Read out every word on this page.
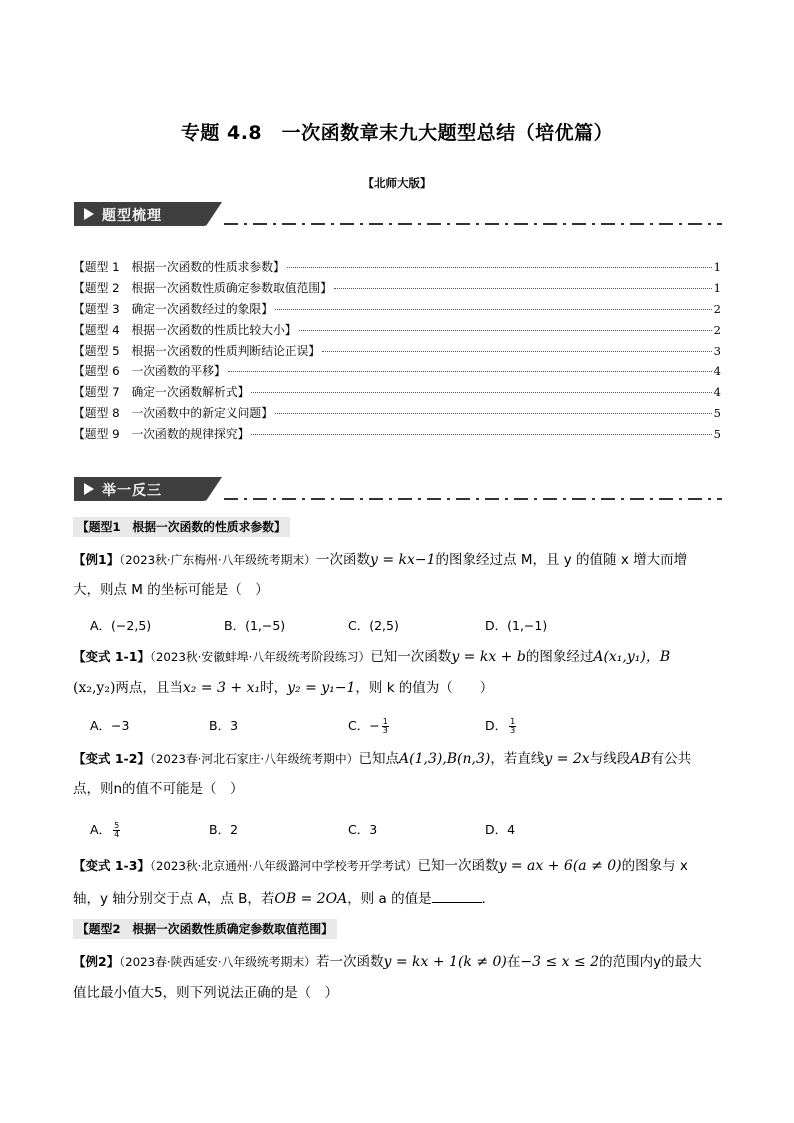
专题 4.8　一次函数章末九大题型总结（培优篇）
【北师大版】
题型梳理
【题型 1　根据一次函数的性质求参数】	1
【题型 2　根据一次函数性质确定参数取值范围】	1
【题型 3　确定一次函数经过的象限】	2
【题型 4　根据一次函数的性质比较大小】	2
【题型 5　根据一次函数的性质判断结论正误】	3
【题型 6　一次函数的平移】	4
【题型 7　确定一次函数解析式】	4
【题型 8　一次函数中的新定义问题】	5
【题型 9　一次函数的规律探究】	5
举一反三
【题型1　根据一次函数的性质求参数】
【例1】（2023秋·广东梅州·八年级统考期末）一次函数y = kx−1的图象经过点 M，且 y 的值随 x 增大而增
大，则点 M 的坐标可能是（　）
A．(−2,5)	B．(1,−5)	C．(2,5)	D．(1,−1)
【变式 1-1】（2023秋·安徽蚌埠·八年级统考阶段练习）已知一次函数y = kx + b的图象经过A(x₁,y₁)，B
(x₂,y₂)两点，且当x₂ = 3 + x₁时，y₂ = y₁−1，则 k 的值为（　　）
A．−3	B．3	C．− $\frac{1}{3}$	D． $\frac{1}{3}$
【变式 1-2】（2023春·河北石家庄·八年级统考期中）已知点A(1,3),B(n,3)，若直线y = 2x与线段AB有公共
点，则n的值不可能是（　）
A． $\frac{5}{4}$	B．2	C．3	D．4
【变式 1-3】（2023秋·北京通州·八年级潞河中学校考开学考试）已知一次函数y = ax + 6(a ≠ 0)的图象与 x
轴，y 轴分别交于点 A，点 B，若OB = 2OA，则 a 的值是	．
【题型2　根据一次函数性质确定参数取值范围】
【例2】（2023春·陕西延安·八年级统考期末）若一次函数y = kx + 1(k ≠ 0)在−3 ≤ x ≤ 2的范围内y的最大
值比最小值大5，则下列说法正确的是（　）
